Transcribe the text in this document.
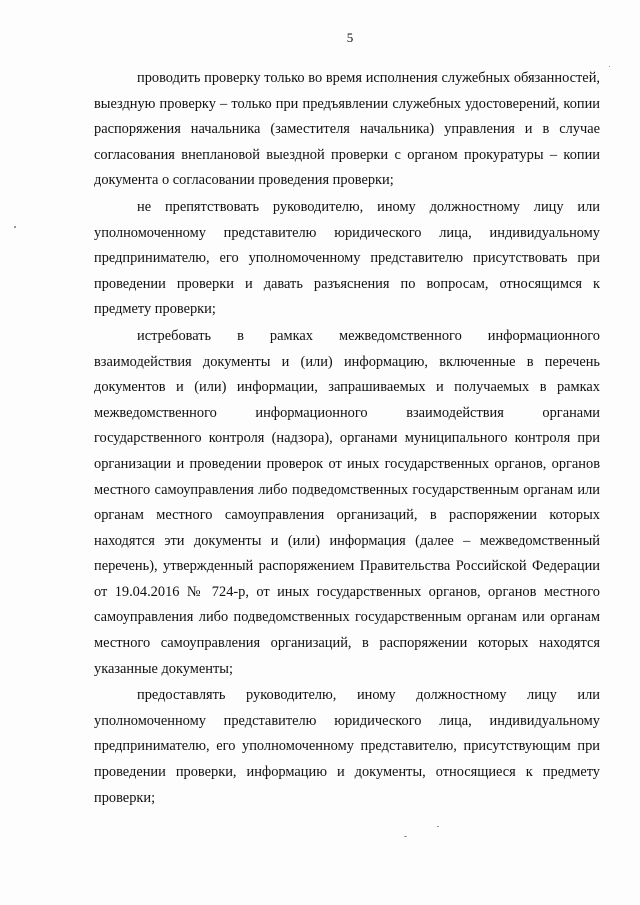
5

проводить проверку только во время исполнения служебных обязанностей, выездную проверку – только при предъявлении служебных удостоверений, копии распоряжения начальника (заместителя начальника) управления и в случае согласования внеплановой выездной проверки с органом прокуратуры – копии документа о согласовании проведения проверки;

не препятствовать руководителю, иному должностному лицу или уполномоченному представителю юридического лица, индивидуальному предпринимателю, его уполномоченному представителю присутствовать при проведении проверки и давать разъяснения по вопросам, относящимся к предмету проверки;

истребовать в рамках межведомственного информационного взаимодействия документы и (или) информацию, включенные в перечень документов и (или) информации, запрашиваемых и получаемых в рамках межведомственного информационного взаимодействия органами государственного контроля (надзора), органами муниципального контроля при организации и проведении проверок от иных государственных органов, органов местного самоуправления либо подведомственных государственным органам или органам местного самоуправления организаций, в распоряжении которых находятся эти документы и (или) информация (далее – межведомственный перечень), утвержденный распоряжением Правительства Российской Федерации от 19.04.2016 № 724-р, от иных государственных органов, органов местного самоуправления либо подведомственных государственным органам или органам местного самоуправления организаций, в распоряжении которых находятся указанные документы;

предоставлять руководителю, иному должностному лицу или уполномоченному представителю юридического лица, индивидуальному предпринимателю, его уполномоченному представителю, присутствующим при проведении проверки, информацию и документы, относящиеся к предмету проверки;
